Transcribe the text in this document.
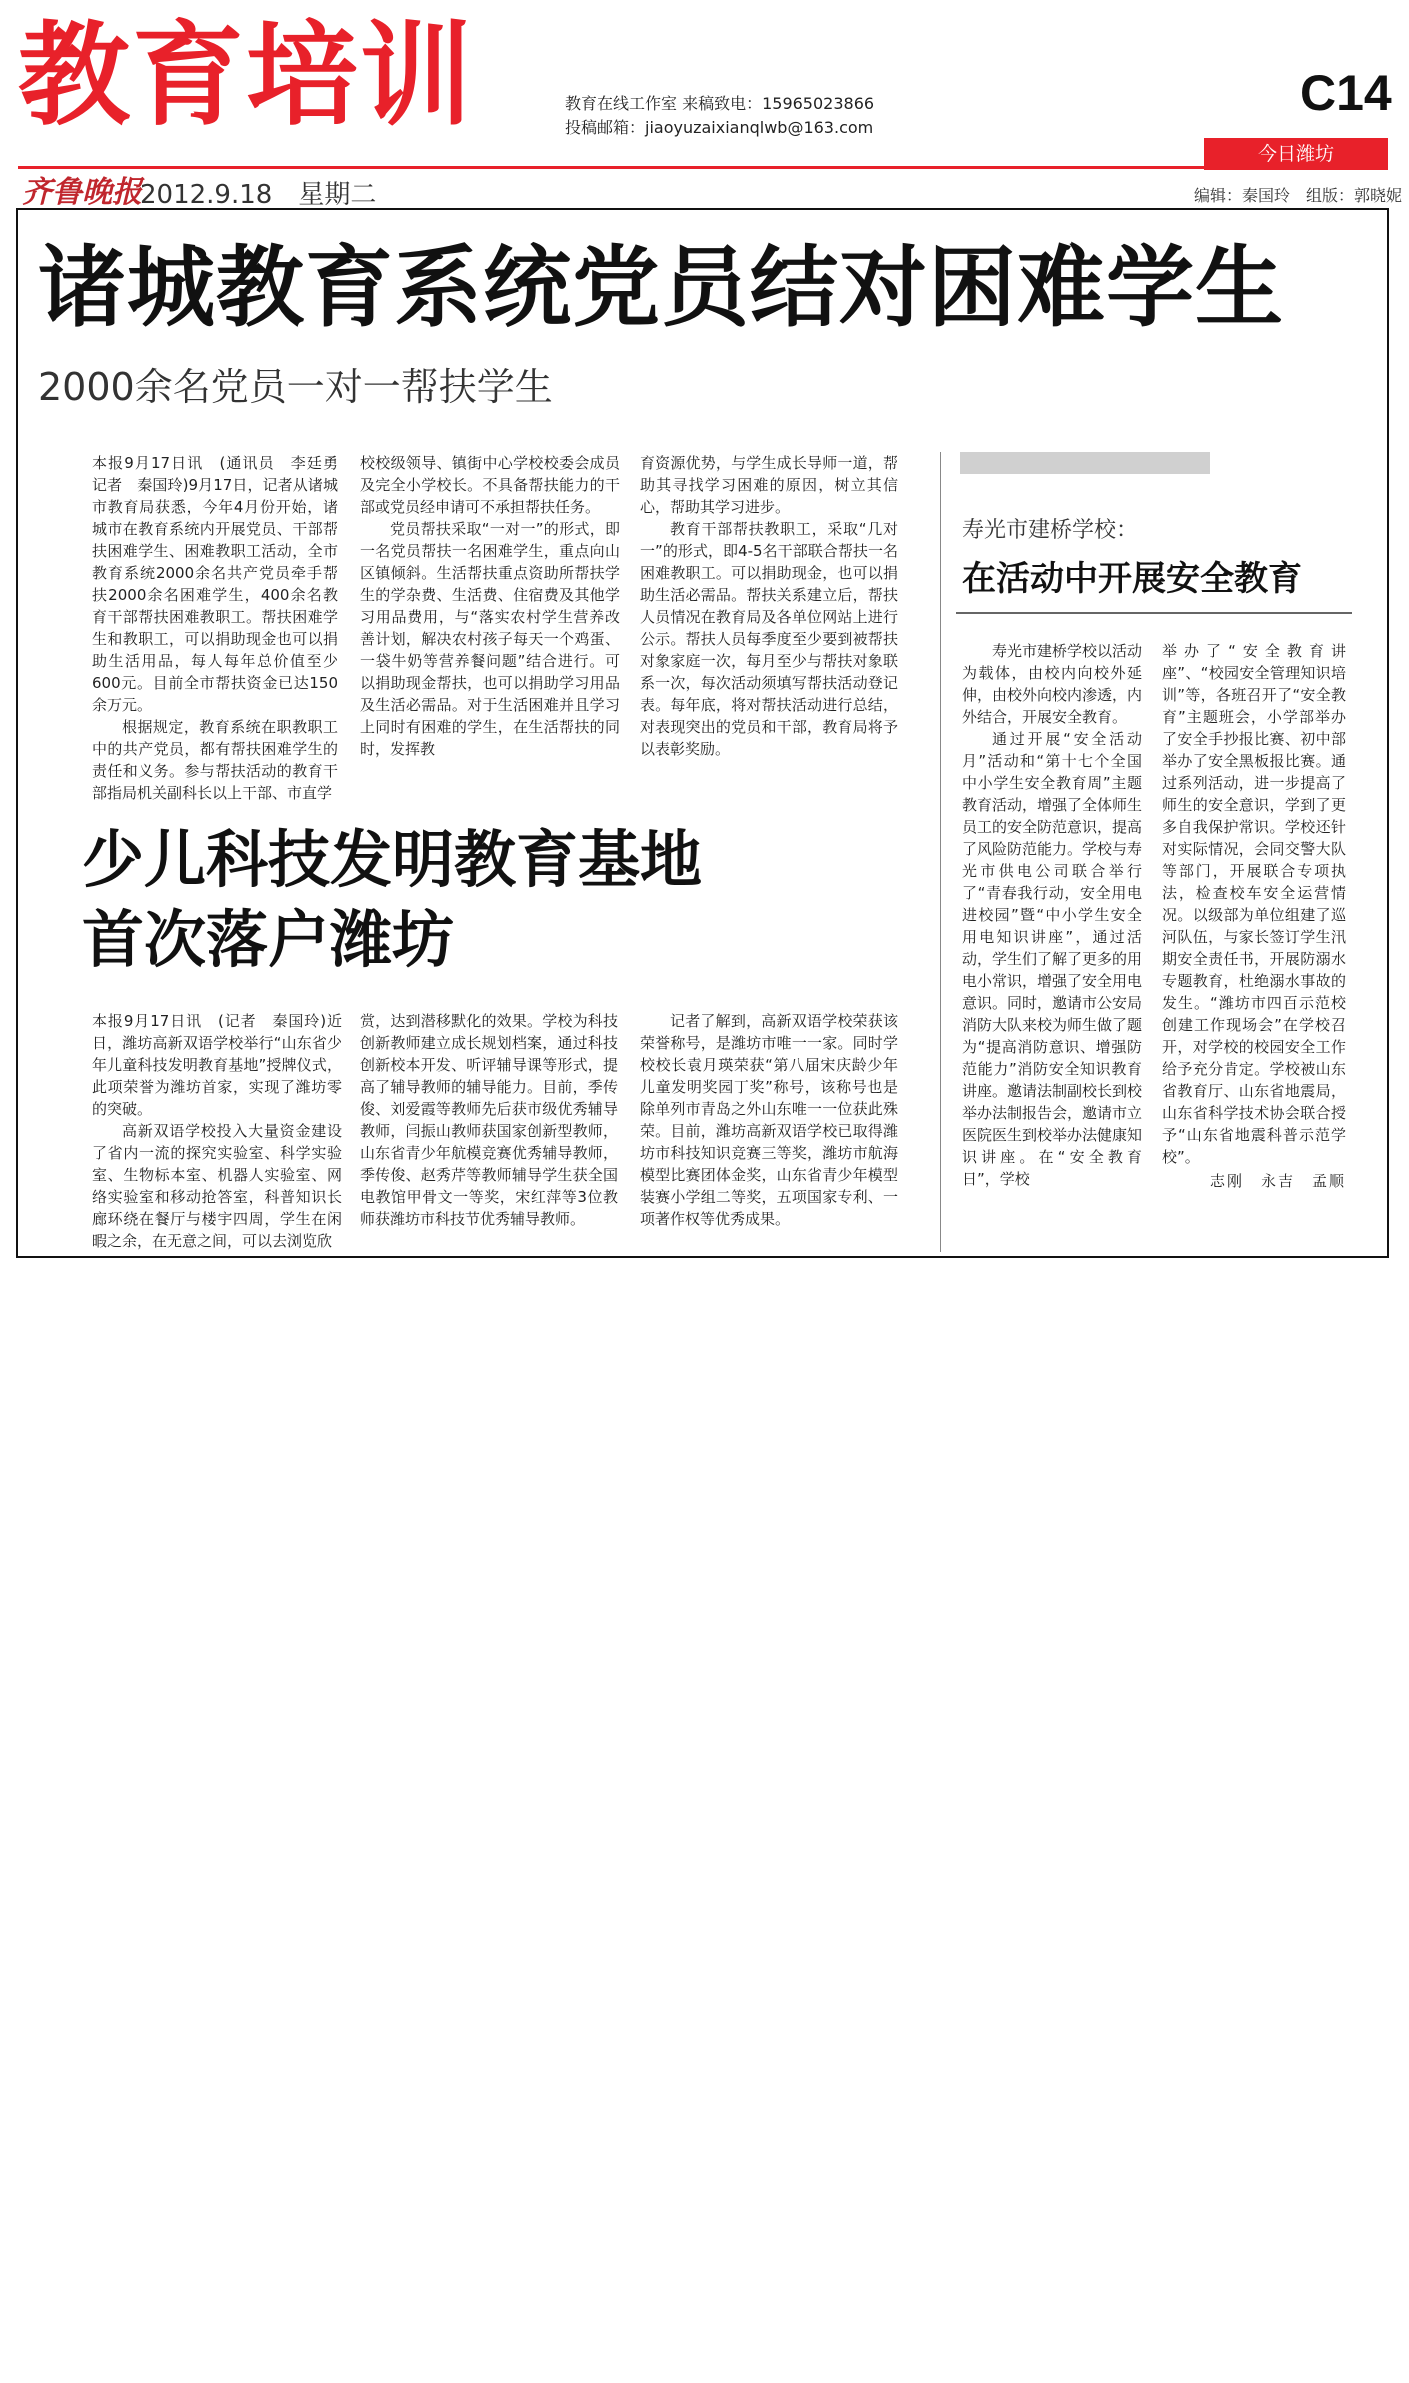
教育培训	教育在线工作室 来稿致电：15965023866
投稿邮箱：jiaoyuzaixianqlwb@163.com
C14
今日潍坊
齐鲁晚报
2012.9.18　星期二	编辑：秦国玲　组版：郭晓妮
诸城教育系统党员结对困难学生
2000余名党员一对一帮扶学生

本报9月17日讯　(通讯员　李廷勇　记者　秦国玲)9月17日，记者从诸城市教育局获悉，今年4月份开始，诸城市在教育系统内开展党员、干部帮扶困难学生、困难教职工活动，全市教育系统2000余名共产党员牵手帮扶2000余名困难学生，400余名教育干部帮扶困难教职工。帮扶困难学生和教职工，可以捐助现金也可以捐助生活用品，每人每年总价值至少600元。目前全市帮扶资金已达150余万元。

根据规定，教育系统在职教职工中的共产党员，都有帮扶困难学生的责任和义务。参与帮扶活动的教育干部指局机关副科长以上干部、市直学

校校级领导、镇街中心学校校委会成员及完全小学校长。不具备帮扶能力的干部或党员经申请可不承担帮扶任务。

党员帮扶采取“一对一”的形式，即一名党员帮扶一名困难学生，重点向山区镇倾斜。生活帮扶重点资助所帮扶学生的学杂费、生活费、住宿费及其他学习用品费用，与“落实农村学生营养改善计划，解决农村孩子每天一个鸡蛋、一袋牛奶等营养餐问题”结合进行。可以捐助现金帮扶，也可以捐助学习用品及生活必需品。对于生活困难并且学习上同时有困难的学生，在生活帮扶的同时，发挥教

育资源优势，与学生成长导师一道，帮助其寻找学习困难的原因，树立其信心，帮助其学习进步。

教育干部帮扶教职工，采取“几对一”的形式，即4-5名干部联合帮扶一名困难教职工。可以捐助现金，也可以捐助生活必需品。帮扶关系建立后，帮扶人员情况在教育局及各单位网站上进行公示。帮扶人员每季度至少要到被帮扶对象家庭一次，每月至少与帮扶对象联系一次，每次活动须填写帮扶活动登记表。每年底，将对帮扶活动进行总结，对表现突出的党员和干部，教育局将予以表彰奖励。

少儿科技发明教育基地
首次落户潍坊

本报9月17日讯　(记者　秦国玲)近日，潍坊高新双语学校举行“山东省少年儿童科技发明教育基地”授牌仪式，此项荣誉为潍坊首家，实现了潍坊零的突破。

高新双语学校投入大量资金建设了省内一流的探究实验室、科学实验室、生物标本室、机器人实验室、网络实验室和移动抢答室，科普知识长廊环绕在餐厅与楼宇四周，学生在闲暇之余，在无意之间，可以去浏览欣

赏，达到潜移默化的效果。学校为科技创新教师建立成长规划档案，通过科技创新校本开发、听评辅导课等形式，提高了辅导教师的辅导能力。目前，季传俊、刘爱霞等教师先后获市级优秀辅导教师，闫振山教师获国家创新型教师，山东省青少年航模竞赛优秀辅导教师，季传俊、赵秀芹等教师辅导学生获全国电教馆甲骨文一等奖，宋红萍等3位教师获潍坊市科技节优秀辅导教师。

记者了解到，高新双语学校荣获该荣誉称号，是潍坊市唯一一家。同时学校校长袁月瑛荣获“第八届宋庆龄少年儿童发明奖园丁奖”称号，该称号也是除单列市青岛之外山东唯一一位获此殊荣。目前，潍坊高新双语学校已取得潍坊市科技知识竞赛三等奖，潍坊市航海模型比赛团体金奖，山东省青少年模型装赛小学组二等奖，五项国家专利、一项著作权等优秀成果。

寿光市建桥学校：
在活动中开展安全教育

寿光市建桥学校以活动为载体，由校内向校外延伸，由校外向校内渗透，内外结合，开展安全教育。

通过开展“安全活动月”活动和“第十七个全国中小学生安全教育周”主题教育活动，增强了全体师生员工的安全防范意识，提高了风险防范能力。学校与寿光市供电公司联合举行了“青春我行动，安全用电进校园”暨“中小学生安全用电知识讲座”，通过活动，学生们了解了更多的用电小常识，增强了安全用电意识。同时，邀请市公安局消防大队来校为师生做了题为“提高消防意识、增强防范能力”消防安全知识教育讲座。邀请法制副校长到校举办法制报告会，邀请市立医院医生到校举办法健康知识讲座。在“安全教育日”，学校

举办了“安全教育讲座”、“校园安全管理知识培训”等，各班召开了“安全教育”主题班会，小学部举办了安全手抄报比赛、初中部举办了安全黑板报比赛。通过系列活动，进一步提高了师生的安全意识，学到了更多自我保护常识。学校还针对实际情况，会同交警大队等部门，开展联合专项执法，检查校车安全运营情况。以级部为单位组建了巡河队伍，与家长签订学生汛期安全责任书，开展防溺水专题教育，杜绝溺水事故的发生。“潍坊市四百示范校创建工作现场会”在学校召开，对学校的校园安全工作给予充分肯定。学校被山东省教育厅、山东省地震局，山东省科学技术协会联合授予“山东省地震科普示范学校”。

志刚　永吉　孟顺
